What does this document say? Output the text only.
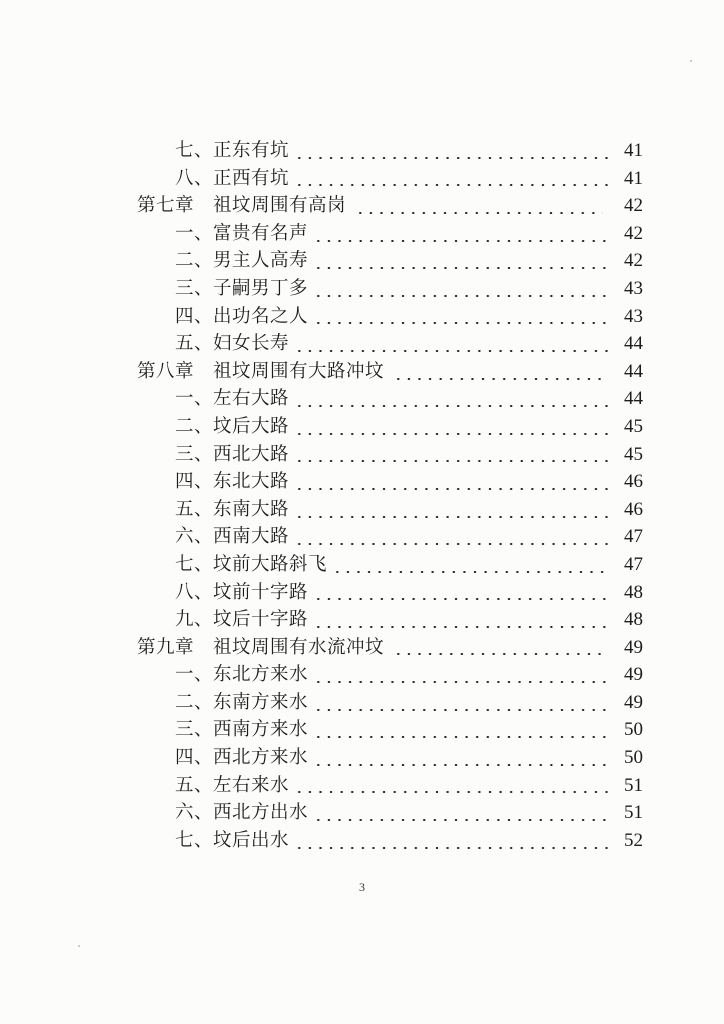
七、正东有坑	41
八、正西有坑	41
第七章　祖坟周围有高岗	42
一、富贵有名声	42
二、男主人高寿	42
三、子嗣男丁多	43
四、出功名之人	43
五、妇女长寿	44
第八章　祖坟周围有大路冲坟	44
一、左右大路	44
二、坟后大路	45
三、西北大路	45
四、东北大路	46
五、东南大路	46
六、西南大路	47
七、坟前大路斜飞	47
八、坟前十字路	48
九、坟后十字路	48
第九章　祖坟周围有水流冲坟	49
一、东北方来水	49
二、东南方来水	49
三、西南方来水	50
四、西北方来水	50
五、左右来水	51
六、西北方出水	51
七、坟后出水	52
3
